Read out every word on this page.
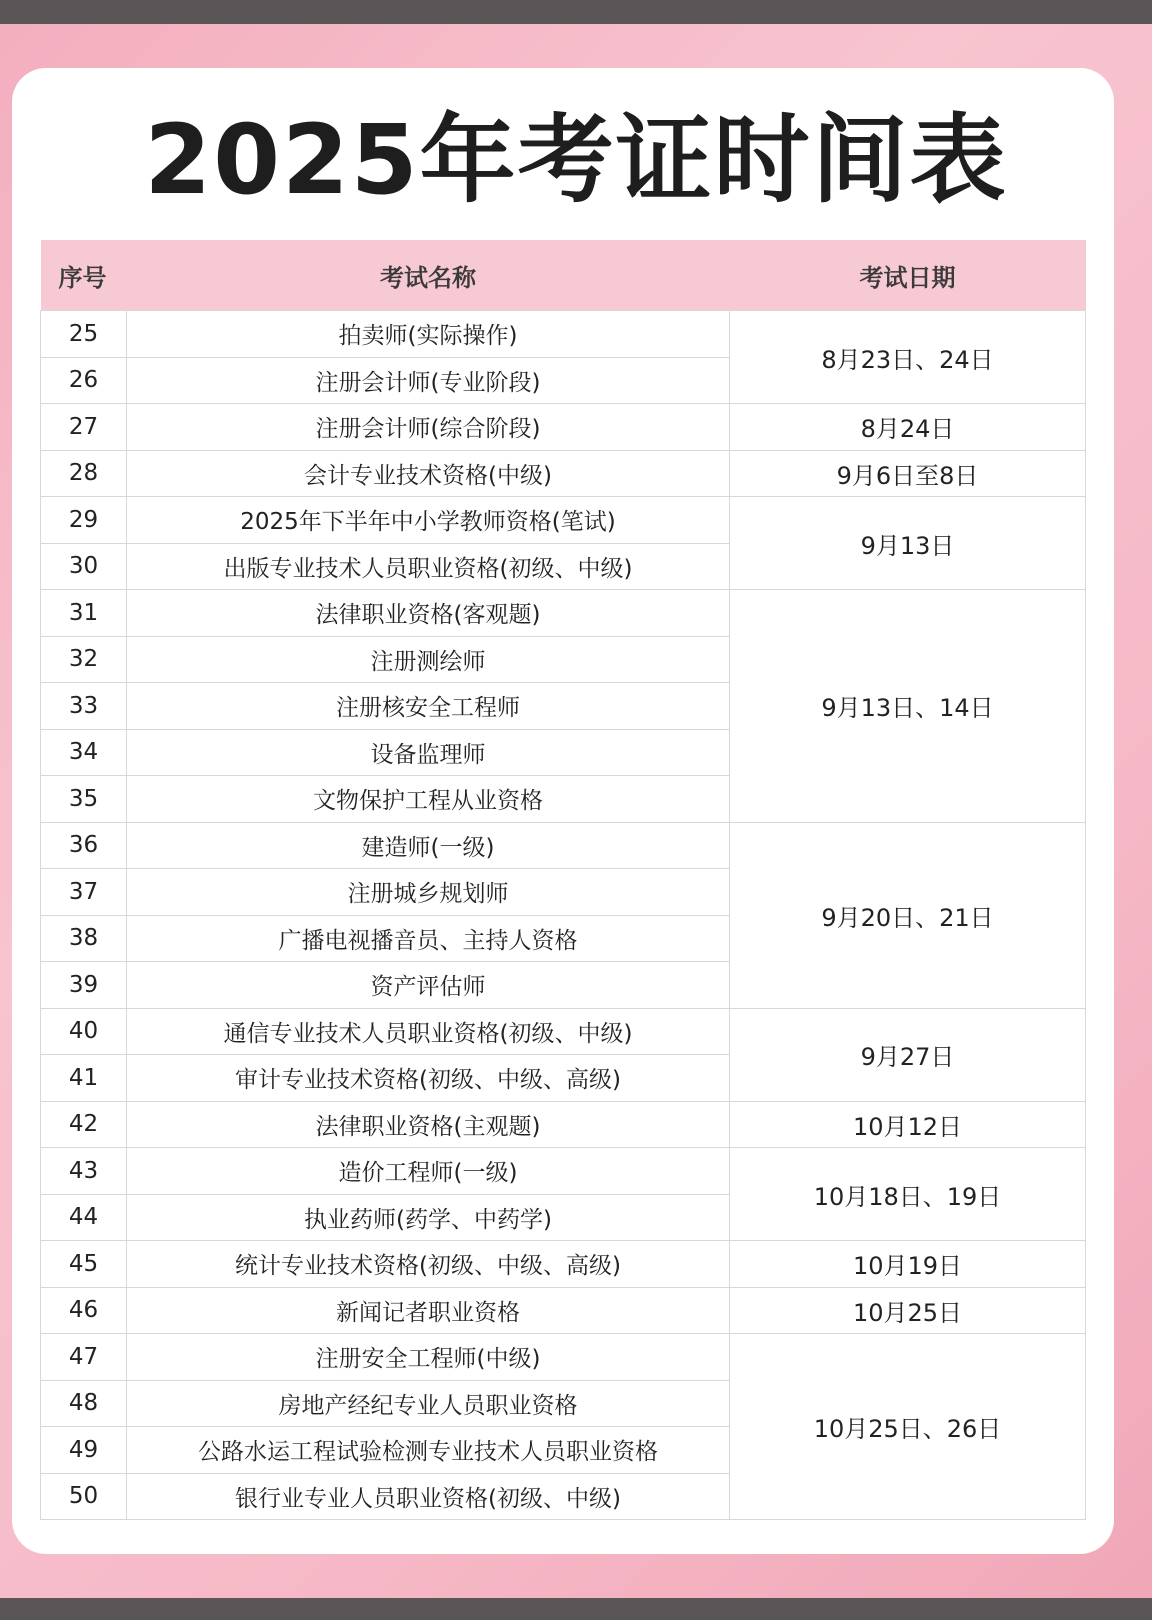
2025年考证时间表
序号	考试名称	考试日期
25	拍卖师(实际操作)	8月23日、24日
26	注册会计师(专业阶段)	
27	注册会计师(综合阶段)	8月24日
28	会计专业技术资格(中级)	9月6日至8日
29	2025年下半年中小学教师资格(笔试)	9月13日
30	出版专业技术人员职业资格(初级、中级)	
31	法律职业资格(客观题)	9月13日、14日
32	注册测绘师	
33	注册核安全工程师	
34	设备监理师	
35	文物保护工程从业资格	
36	建造师(一级)	9月20日、21日
37	注册城乡规划师	
38	广播电视播音员、主持人资格	
39	资产评估师	
40	通信专业技术人员职业资格(初级、中级)	9月27日
41	审计专业技术资格(初级、中级、高级)	
42	法律职业资格(主观题)	10月12日
43	造价工程师(一级)	10月18日、19日
44	执业药师(药学、中药学)	
45	统计专业技术资格(初级、中级、高级)	10月19日
46	新闻记者职业资格	10月25日
47	注册安全工程师(中级)	10月25日、26日
48	房地产经纪专业人员职业资格	
49	公路水运工程试验检测专业技术人员职业资格	
50	银行业专业人员职业资格(初级、中级)	
